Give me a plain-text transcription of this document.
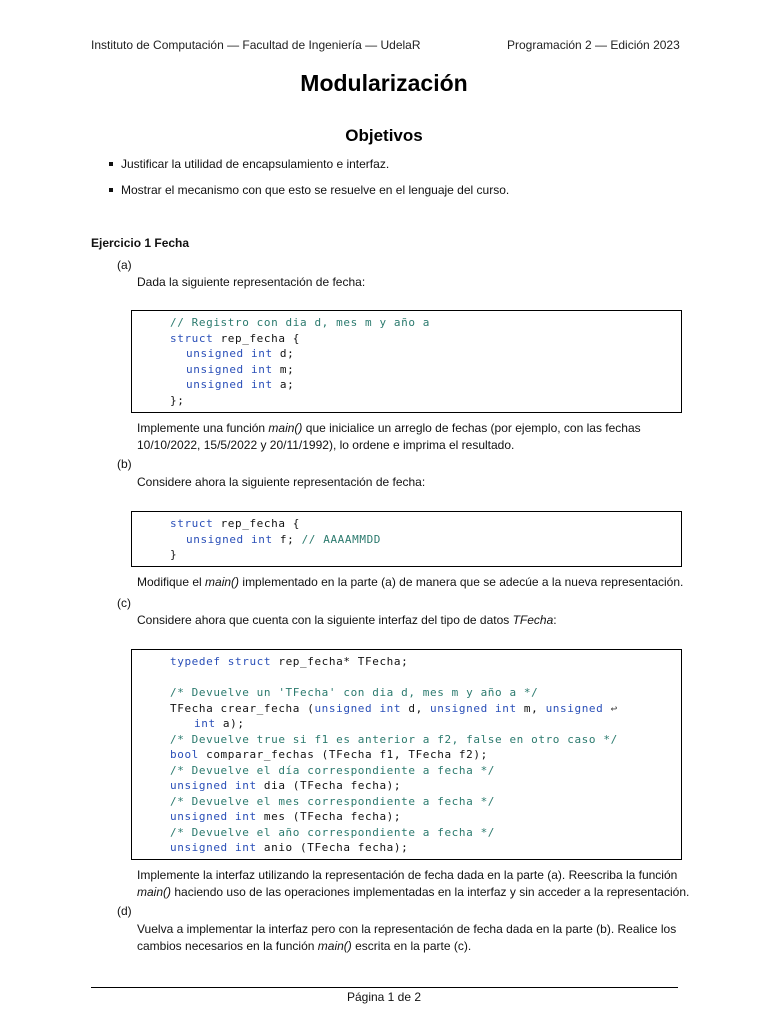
Instituto de Computación — Facultad de Ingeniería — UdelaR	Programación 2 — Edición 2023
Modularización
Objetivos
Justificar la utilidad de encapsulamiento e interfaz.
Mostrar el mecanismo con que esto se resuelve en el lenguaje del curso.
Ejercicio 1 Fecha
(a)
Dada la siguiente representación de fecha:
// Registro con dia d, mes m y año a
struct rep_fecha {
unsigned int d;
unsigned int m;
unsigned int a;
};
Implemente una función main() que inicialice un arreglo de fechas (por ejemplo, con las fechas 10/10/2022, 15/5/2022 y 20/11/1992), lo ordene e imprima el resultado.
(b)
Considere ahora la siguiente representación de fecha:
struct rep_fecha {
unsigned int f; // AAAAMMDD
}
Modifique el main() implementado en la parte (a) de manera que se adecúe a la nueva representación.
(c)
Considere ahora que cuenta con la siguiente interfaz del tipo de datos TFecha:
typedef struct rep_fecha* TFecha;

/* Devuelve un 'TFecha' con dia d, mes m y año a */
TFecha crear_fecha (unsigned int d, unsigned int m, unsigned ↩
int a);
/* Devuelve true si f1 es anterior a f2, false en otro caso */
bool comparar_fechas (TFecha f1, TFecha f2);
/* Devuelve el día correspondiente a fecha */
unsigned int dia (TFecha fecha);
/* Devuelve el mes correspondiente a fecha */
unsigned int mes (TFecha fecha);
/* Devuelve el año correspondiente a fecha */
unsigned int anio (TFecha fecha);
Implemente la interfaz utilizando la representación de fecha dada en la parte (a). Reescriba la función main() haciendo uso de las operaciones implementadas en la interfaz y sin acceder a la representación.
(d)
Vuelva a implementar la interfaz pero con la representación de fecha dada en la parte (b). Realice los cambios necesarios en la función main() escrita en la parte (c).
Página 1 de 2
